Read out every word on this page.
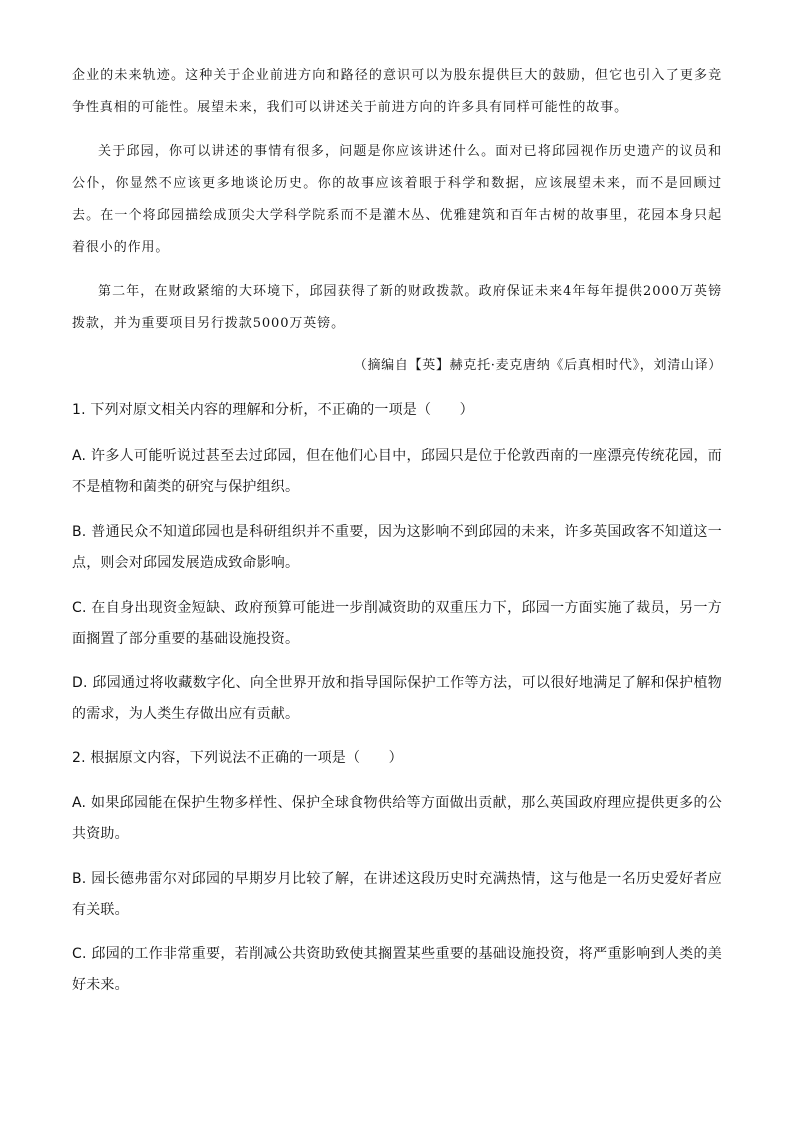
企业的未来轨迹。这种关于企业前进方向和路径的意识可以为股东提供巨大的鼓励，但它也引入了更多竞争性真相的可能性。展望未来，我们可以讲述关于前进方向的许多具有同样可能性的故事。

关于邱园，你可以讲述的事情有很多，问题是你应该讲述什么。面对已将邱园视作历史遗产的议员和公仆，你显然不应该更多地谈论历史。你的故事应该着眼于科学和数据，应该展望未来，而不是回顾过去。在一个将邱园描绘成顶尖大学科学院系而不是灌木丛、优雅建筑和百年古树的故事里，花园本身只起着很小的作用。

第二年，在财政紧缩的大环境下，邱园获得了新的财政拨款。政府保证未来4年每年提供2000万英镑拨款，并为重要项目另行拨款5000万英镑。

（摘编自【英】赫克托·麦克唐纳《后真相时代》，刘清山译）

1. 下列对原文相关内容的理解和分析，不正确的一项是（　　）

A. 许多人可能听说过甚至去过邱园，但在他们心目中，邱园只是位于伦敦西南的一座漂亮传统花园，而不是植物和菌类的研究与保护组织。

B. 普通民众不知道邱园也是科研组织并不重要，因为这影响不到邱园的未来，许多英国政客不知道这一点，则会对邱园发展造成致命影响。

C. 在自身出现资金短缺、政府预算可能进一步削减资助的双重压力下，邱园一方面实施了裁员，另一方面搁置了部分重要的基础设施投资。

D. 邱园通过将收藏数字化、向全世界开放和指导国际保护工作等方法，可以很好地满足了解和保护植物的需求，为人类生存做出应有贡献。

2. 根据原文内容，下列说法不正确的一项是（　　）

A. 如果邱园能在保护生物多样性、保护全球食物供给等方面做出贡献，那么英国政府理应提供更多的公共资助。

B. 园长德弗雷尔对邱园的早期岁月比较了解，在讲述这段历史时充满热情，这与他是一名历史爱好者应有关联。

C. 邱园的工作非常重要，若削减公共资助致使其搁置某些重要的基础设施投资，将严重影响到人类的美好未来。
